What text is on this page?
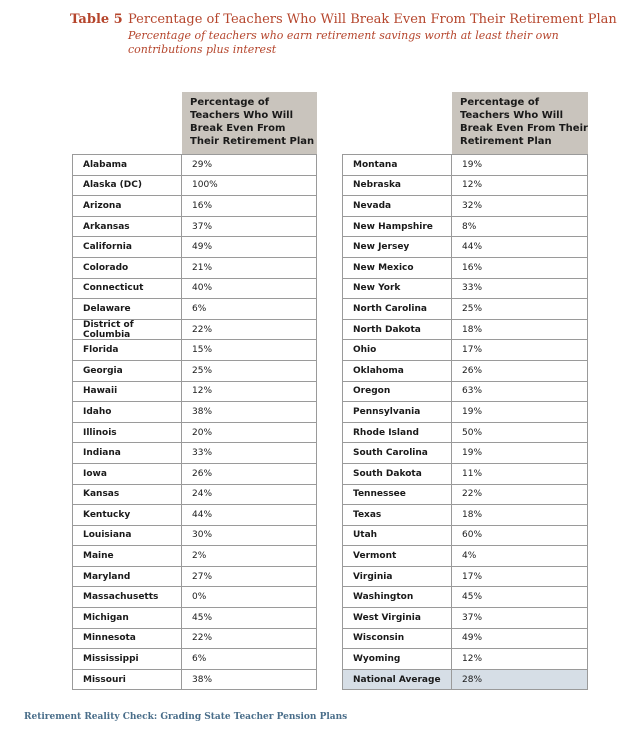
Table 5 Percentage of Teachers Who Will Break Even From Their Retirement Plan
Percentage of teachers who earn retirement savings worth at least their own contributions plus interest
Percentage of Teachers Who Will Break Even From Their Retirement Plan
Alabama	29%
Alaska (DC)	100%
Arizona	16%
Arkansas	37%
California	49%
Colorado	21%
Connecticut	40%
Delaware	6%
District of Columbia	22%
Florida	15%
Georgia	25%
Hawaii	12%
Idaho	38%
Illinois	20%
Indiana	33%
Iowa	26%
Kansas	24%
Kentucky	44%
Louisiana	30%
Maine	2%
Maryland	27%
Massachusetts	0%
Michigan	45%
Minnesota	22%
Mississippi	6%
Missouri	38%
Percentage of Teachers Who Will Break Even From Their Retirement Plan
Montana	19%
Nebraska	12%
Nevada	32%
New Hampshire	8%
New Jersey	44%
New Mexico	16%
New York	33%
North Carolina	25%
North Dakota	18%
Ohio	17%
Oklahoma	26%
Oregon	63%
Pennsylvania	19%
Rhode Island	50%
South Carolina	19%
South Dakota	11%
Tennessee	22%
Texas	18%
Utah	60%
Vermont	4%
Virginia	17%
Washington	45%
West Virginia	37%
Wisconsin	49%
Wyoming	12%
National Average	28%
Retirement Reality Check: Grading State Teacher Pension Plans
